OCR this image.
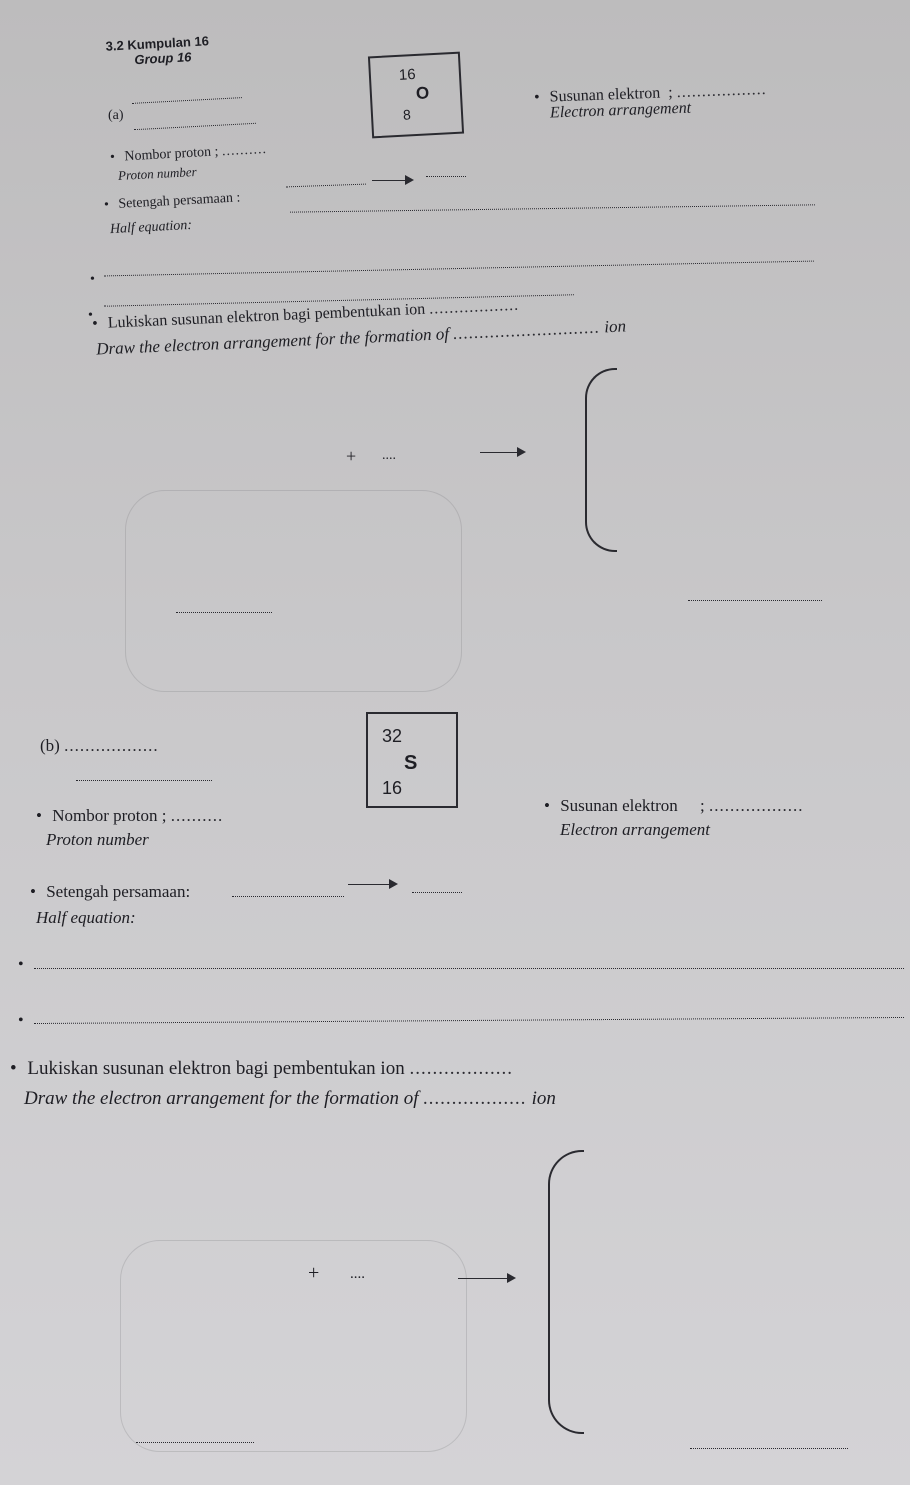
3.2 Kumpulan 16
Group 16
(a)
16
O
8
• Susunan elektron ; ..................
Electron arrangement
• Nombor proton ; ..........
Proton number
• Setengah persamaan :
Half equation:
•
• • Lukiskan susunan elektron bagi pembentukan ion ..................
Draw the electron arrangement for the formation of ............................ ion
+ ....
(b) ..................	32
S
16
• Nombor proton ; ..........
Proton number
• Susunan elektron ; ..................
Electron arrangement
• Setengah persamaan:
Half equation:
•
•
• Lukiskan susunan elektron bagi pembentukan ion ..................
Draw the electron arrangement for the formation of .................. ion
+ ....
